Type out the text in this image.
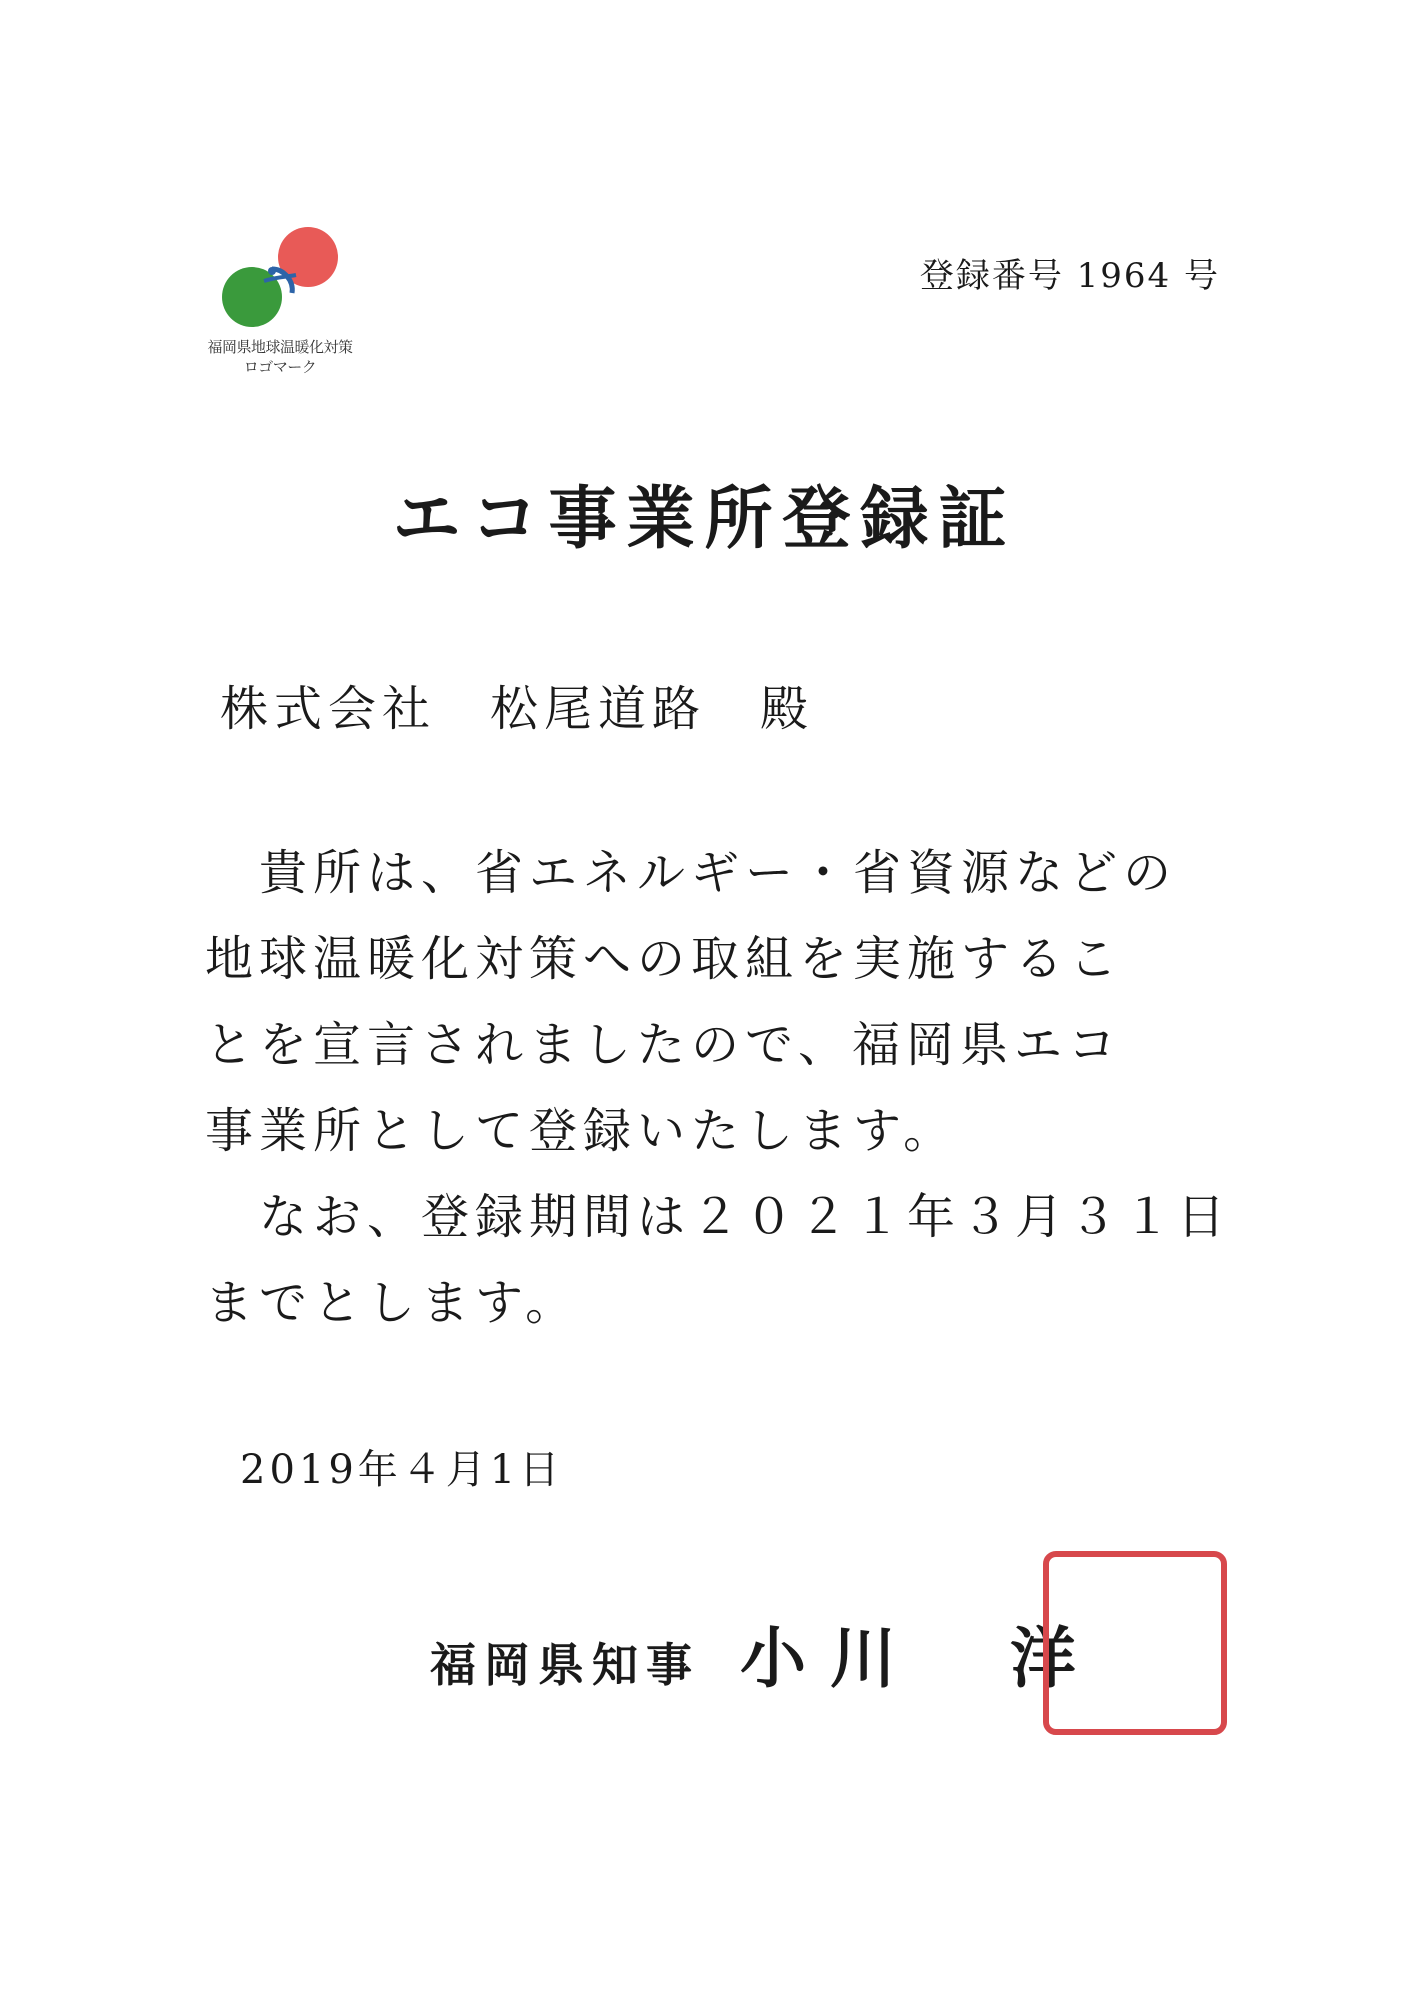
福岡県地球温暖化対策
ロゴマーク
登録番号 1964 号
エコ事業所登録証
株式会社　松尾道路　殿
　貴所は、省エネルギー・省資源などの
地球温暖化対策への取組を実施するこ
とを宣言されましたので、福岡県エコ
事業所として登録いたします。
　なお、登録期間は２０２１年３月３１日
までとします。
2019年４月1日
福岡県知事 小川　洋
